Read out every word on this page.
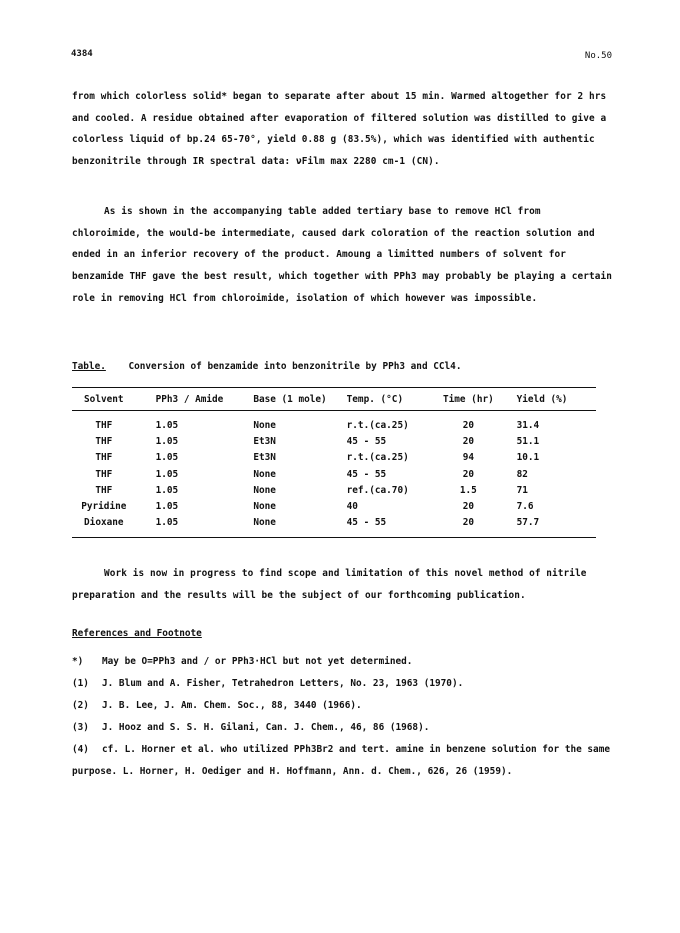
4384	No.50

from which colorless solid* began to separate after about 15 min. Warmed altogether for 2 hrs and cooled. A residue obtained after evaporation of filtered solution was distilled to give a colorless liquid of bp.24 65-70°, yield 0.88 g (83.5%), which was identified with authentic benzonitrile through IR spectral data: νFilm max 2280 cm-1 (CN).

As is shown in the accompanying table added tertiary base to remove HCl from chloroimide, the would-be intermediate, caused dark coloration of the reaction solution and ended in an inferior recovery of the product. Amoung a limitted numbers of solvent for benzamide THF gave the best result, which together with PPh3 may probably be playing a certain role in removing HCl from chloroimide, isolation of which however was impossible.

Table. Conversion of benzamide into benzonitrile by PPh3 and CCl4.
Solvent	PPh3 / Amide	Base (1 mole)	Temp. (°C)	Time (hr)	Yield (%)
THF	1.05	None	r.t.(ca.25)	20	31.4
THF	1.05	Et3N	45 - 55	20	51.1
THF	1.05	Et3N	r.t.(ca.25)	94	10.1
THF	1.05	None	45 - 55	20	82
THF	1.05	None	ref.(ca.70)	1.5	71
Pyridine	1.05	None	40	20	7.6
Dioxane	1.05	None	45 - 55	20	57.7

Work is now in progress to find scope and limitation of this novel method of nitrile preparation and the results will be the subject of our forthcoming publication.

References and Footnote
*) May be O=PPh3 and / or PPh3·HCl but not yet determined.
(1) J. Blum and A. Fisher, Tetrahedron Letters, No. 23, 1963 (1970).
(2) J. B. Lee, J. Am. Chem. Soc., 88, 3440 (1966).
(3) J. Hooz and S. S. H. Gilani, Can. J. Chem., 46, 86 (1968).
(4) cf. L. Horner et al. who utilized PPh3Br2 and tert. amine in benzene solution for the same purpose. L. Horner, H. Oediger and H. Hoffmann, Ann. d. Chem., 626, 26 (1959).
